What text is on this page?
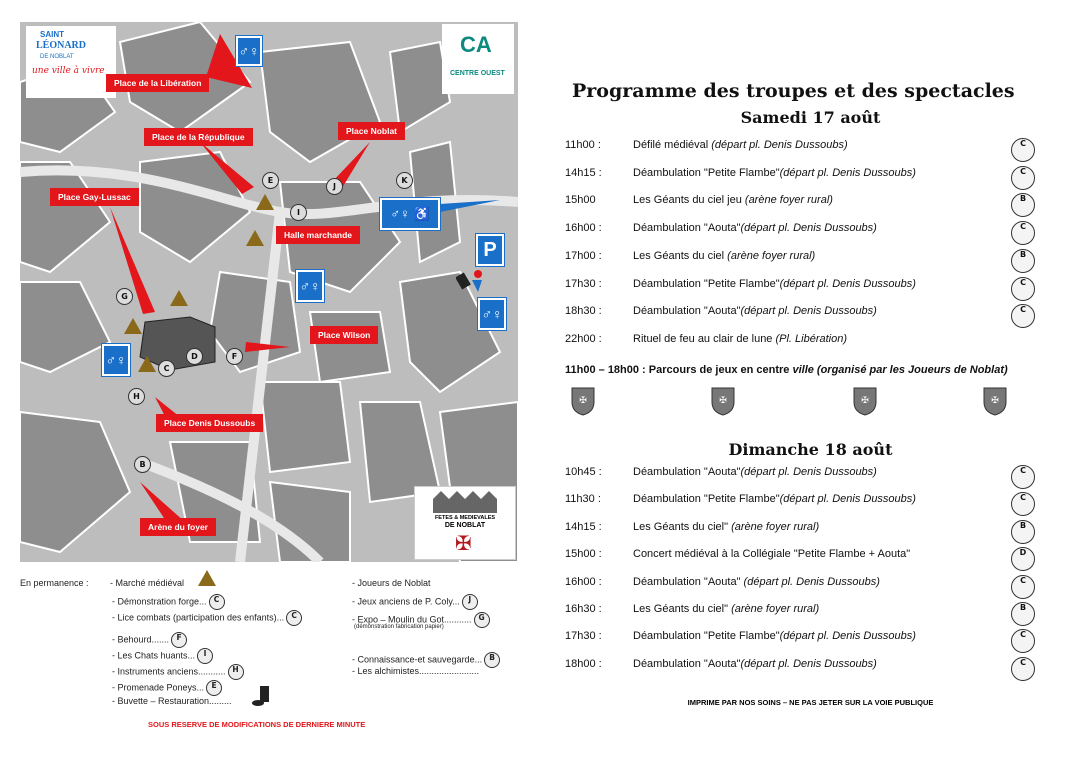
SAINT
LÉONARD
DE NOBLAT
une ville à vivre
CA
CENTRE OUEST
Place de la Libération
Place de la République
Place Noblat
Place Gay-Lussac
Halle marchande
Place Wilson
Place Denis Dussoubs
Arène du foyer
E
J
K
I
G
D	F
C
H
B
♂♀
♂♀
♂♀
♂♀
♂♀ ♿
P
FETES & MEDIEVALES
DE NOBLAT
✠
En permanence : - Marché médiéval
- Démonstration forge... C
- Lice combats (participation des enfants)... C
- Behourd....... F
- Les Chats huants... I
- Instruments anciens........... H
- Promenade Poneys... E
- Buvette – Restauration.........
- Joueurs de Noblat
- Jeux anciens de P. Coly... J
- Expo – Moulin du Got........... G
(démonstration fabrication papier)
- Connaissance-et sauvegarde... B
- Les alchimistes........................
SOUS RESERVE DE MODIFICATIONS DE DERNIERE MINUTE
Programme des troupes et des spectacles
Samedi 17 août
11h00 :	Défilé médiéval (départ pl. Denis Dussoubs)	C
14h15 :	Déambulation "Petite Flambe"(départ pl. Denis Dussoubs)	C
15h00	Les Géants du ciel jeu (arène foyer rural)	B
16h00 :	Déambulation "Aouta"(départ pl. Denis Dussoubs)	C
17h00 :	Les Géants du ciel (arène foyer rural)	B
17h30 :	Déambulation "Petite Flambe"(départ pl. Denis Dussoubs)	C
18h30 :	Déambulation "Aouta"(départ pl. Denis Dussoubs)	C
22h00 :	Rituel de feu au clair de lune (Pl. Libération)
11h00 – 18h00 : Parcours de jeux en centre ville (organisé par les Joueurs de Noblat)
✠	✠	✠	✠
Dimanche 18 août
10h45 :	Déambulation "Aouta"(départ pl. Denis Dussoubs)	C
11h30 :	Déambulation "Petite Flambe"(départ pl. Denis Dussoubs)	C
14h15 :	Les Géants du ciel" (arène foyer rural)	B
15h00 :	Concert médiéval à la Collégiale "Petite Flambe + Aouta"	D
16h00 :	Déambulation "Aouta" (départ pl. Denis Dussoubs)	C
16h30 :	Les Géants du ciel" (arène foyer rural)	B
17h30 :	Déambulation "Petite Flambe"(départ pl. Denis Dussoubs)	C
18h00 :	Déambulation "Aouta"(départ pl. Denis Dussoubs)	C
IMPRIME PAR NOS SOINS – NE PAS JETER SUR LA VOIE PUBLIQUE
